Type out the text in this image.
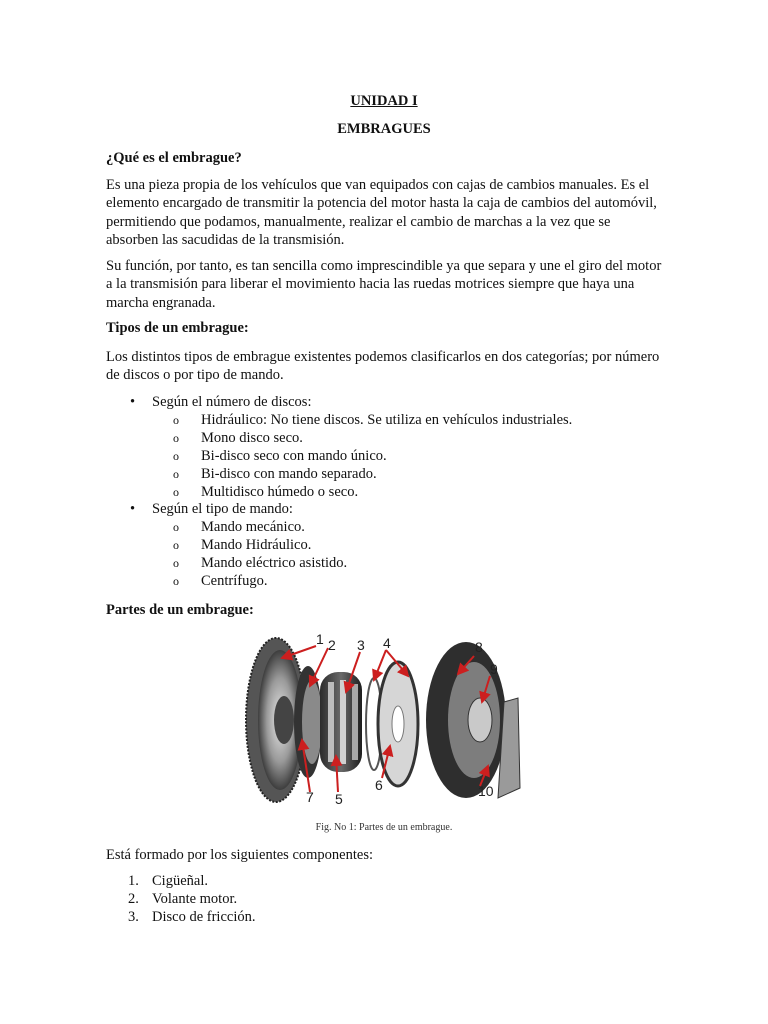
UNIDAD I
EMBRAGUES
¿Qué es el embrague?
Es una pieza propia de los vehículos que van equipados con cajas de cambios manuales. Es el elemento encargado de transmitir la potencia del motor hasta la caja de cambios del automóvil, permitiendo que podamos, manualmente, realizar el cambio de marchas a la vez que se absorben las sacudidas de la transmisión.
Su función, por tanto, es tan sencilla como imprescindible ya que separa y une el giro del motor a la transmisión para liberar el movimiento hacia las ruedas motrices siempre que haya una marcha engranada.
Tipos de un embrague:
Los distintos tipos de embrague existentes podemos clasificarlos en dos categorías; por número de discos o por tipo de mando.
• Según el número de discos:
o Hidráulico: No tiene discos. Se utiliza en vehículos industriales.
o Mono disco seco.
o Bi-disco seco con mando único.
o Bi-disco con mando separado.
o Multidisco húmedo o seco.
• Según el tipo de mando:
o Mando mecánico.
o Mando Hidráulico.
o Mando eléctrico asistido.
o Centrífugo.
Partes de un embrague:
1 2 3 4
5
6
7
8
9
10
Fig. No 1: Partes de un embrague.
Está formado por los siguientes componentes:
1. Cigüeñal.
2. Volante motor.
3. Disco de fricción.
